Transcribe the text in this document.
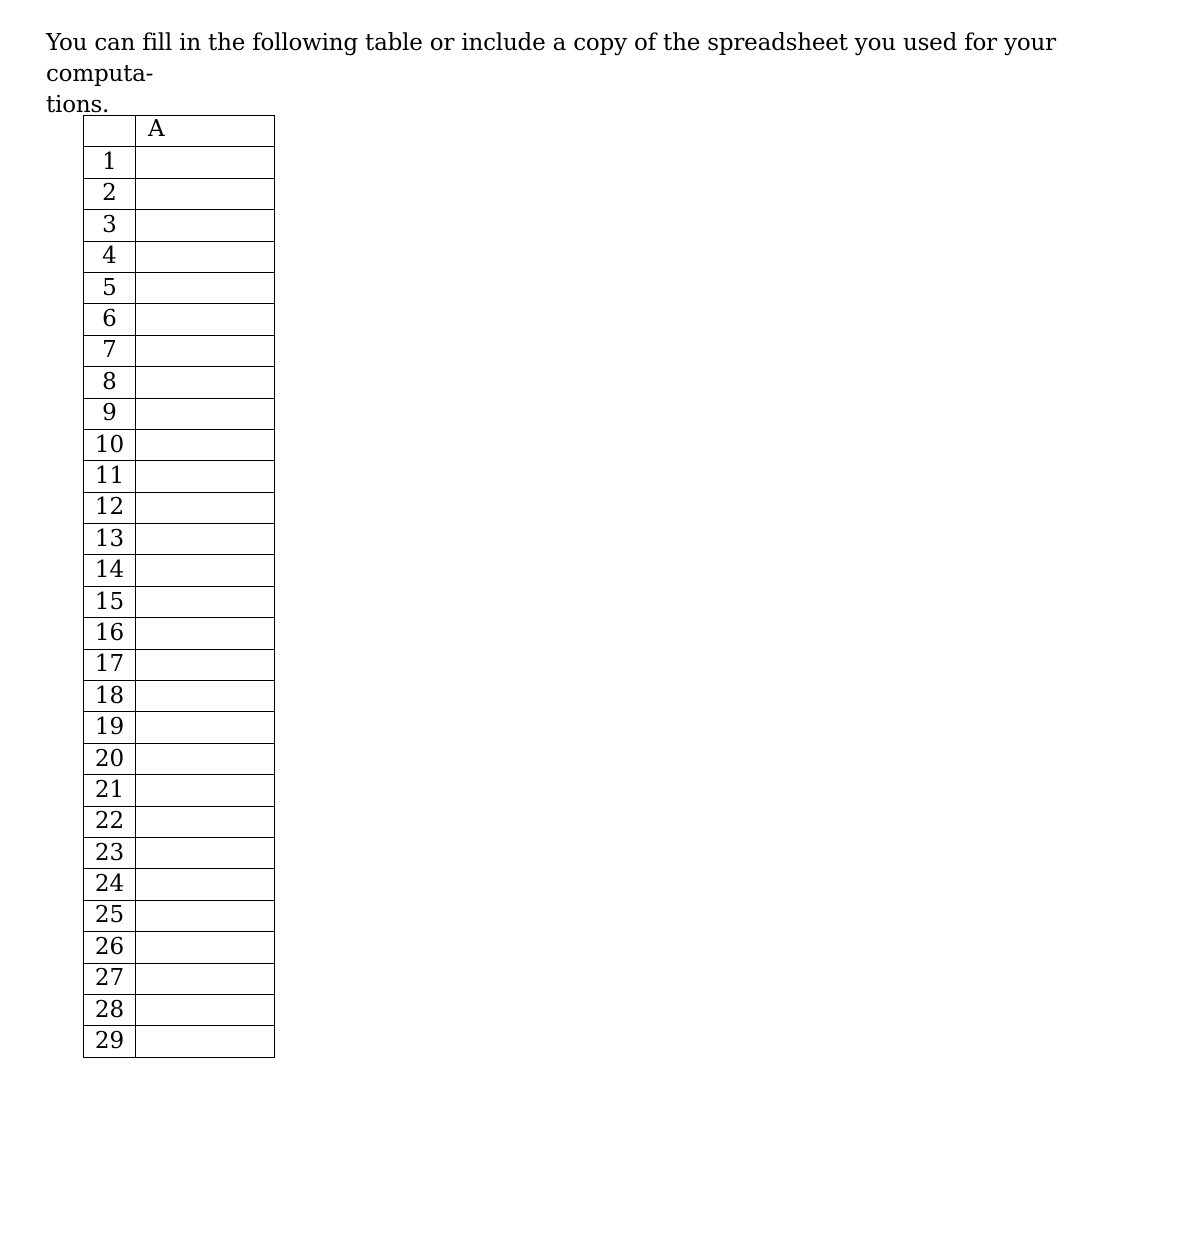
You can fill in the following table or include a copy of the spreadsheet you used for your computa-
tions.

	A
1	
2	
3	
4	
5	
6	
7	
8	
9	
10	
11	
12	
13	
14	
15	
16	
17	
18	
19	
20	
21	
22	
23	
24	
25	
26	
27	
28	
29	
